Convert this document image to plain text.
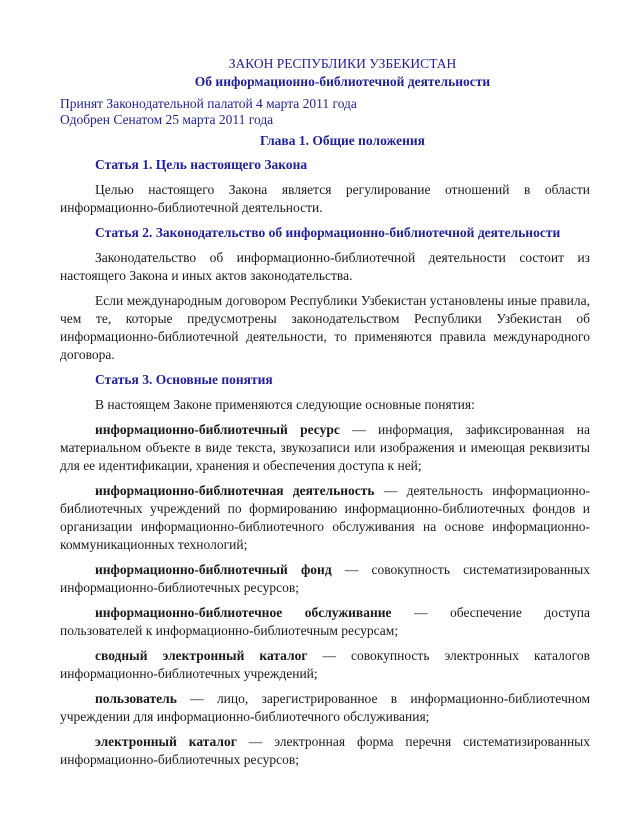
ЗАКОН РЕСПУБЛИКИ УЗБЕКИСТАН

Об информационно-библиотечной деятельности

Принят Законодательной палатой 4 марта 2011 года

Одобрен Сенатом 25 марта 2011 года

Глава 1. Общие положения

Статья 1. Цель настоящего Закона

Целью настоящего Закона является регулирование отношений в области информационно-библиотечной деятельности.

Статья 2. Законодательство об информационно-библиотечной деятельности

Законодательство об информационно-библиотечной деятельности состоит из настоящего Закона и иных актов законодательства.

Если международным договором Республики Узбекистан установлены иные правила, чем те, которые предусмотрены законодательством Республики Узбекистан об информационно-библиотечной деятельности, то применяются правила международного договора.

Статья 3. Основные понятия

В настоящем Законе применяются следующие основные понятия:

информационно-библиотечный ресурс — информация, зафиксированная на материальном объекте в виде текста, звукозаписи или изображения и имеющая реквизиты для ее идентификации, хранения и обеспечения доступа к ней;

информационно-библиотечная деятельность — деятельность информационно-библиотечных учреждений по формированию информационно-библиотечных фондов и организации информационно-библиотечного обслуживания на основе информационно-коммуникационных технологий;

информационно-библиотечный фонд — совокупность систематизированных информационно-библиотечных ресурсов;

информационно-библиотечное обслуживание — обеспечение доступа пользователей к информационно-библиотечным ресурсам;

сводный электронный каталог — совокупность электронных каталогов информационно-библиотечных учреждений;

пользователь — лицо, зарегистрированное в информационно-библиотечном учреждении для информационно-библиотечного обслуживания;

электронный каталог — электронная форма перечня систематизированных информационно-библиотечных ресурсов;
